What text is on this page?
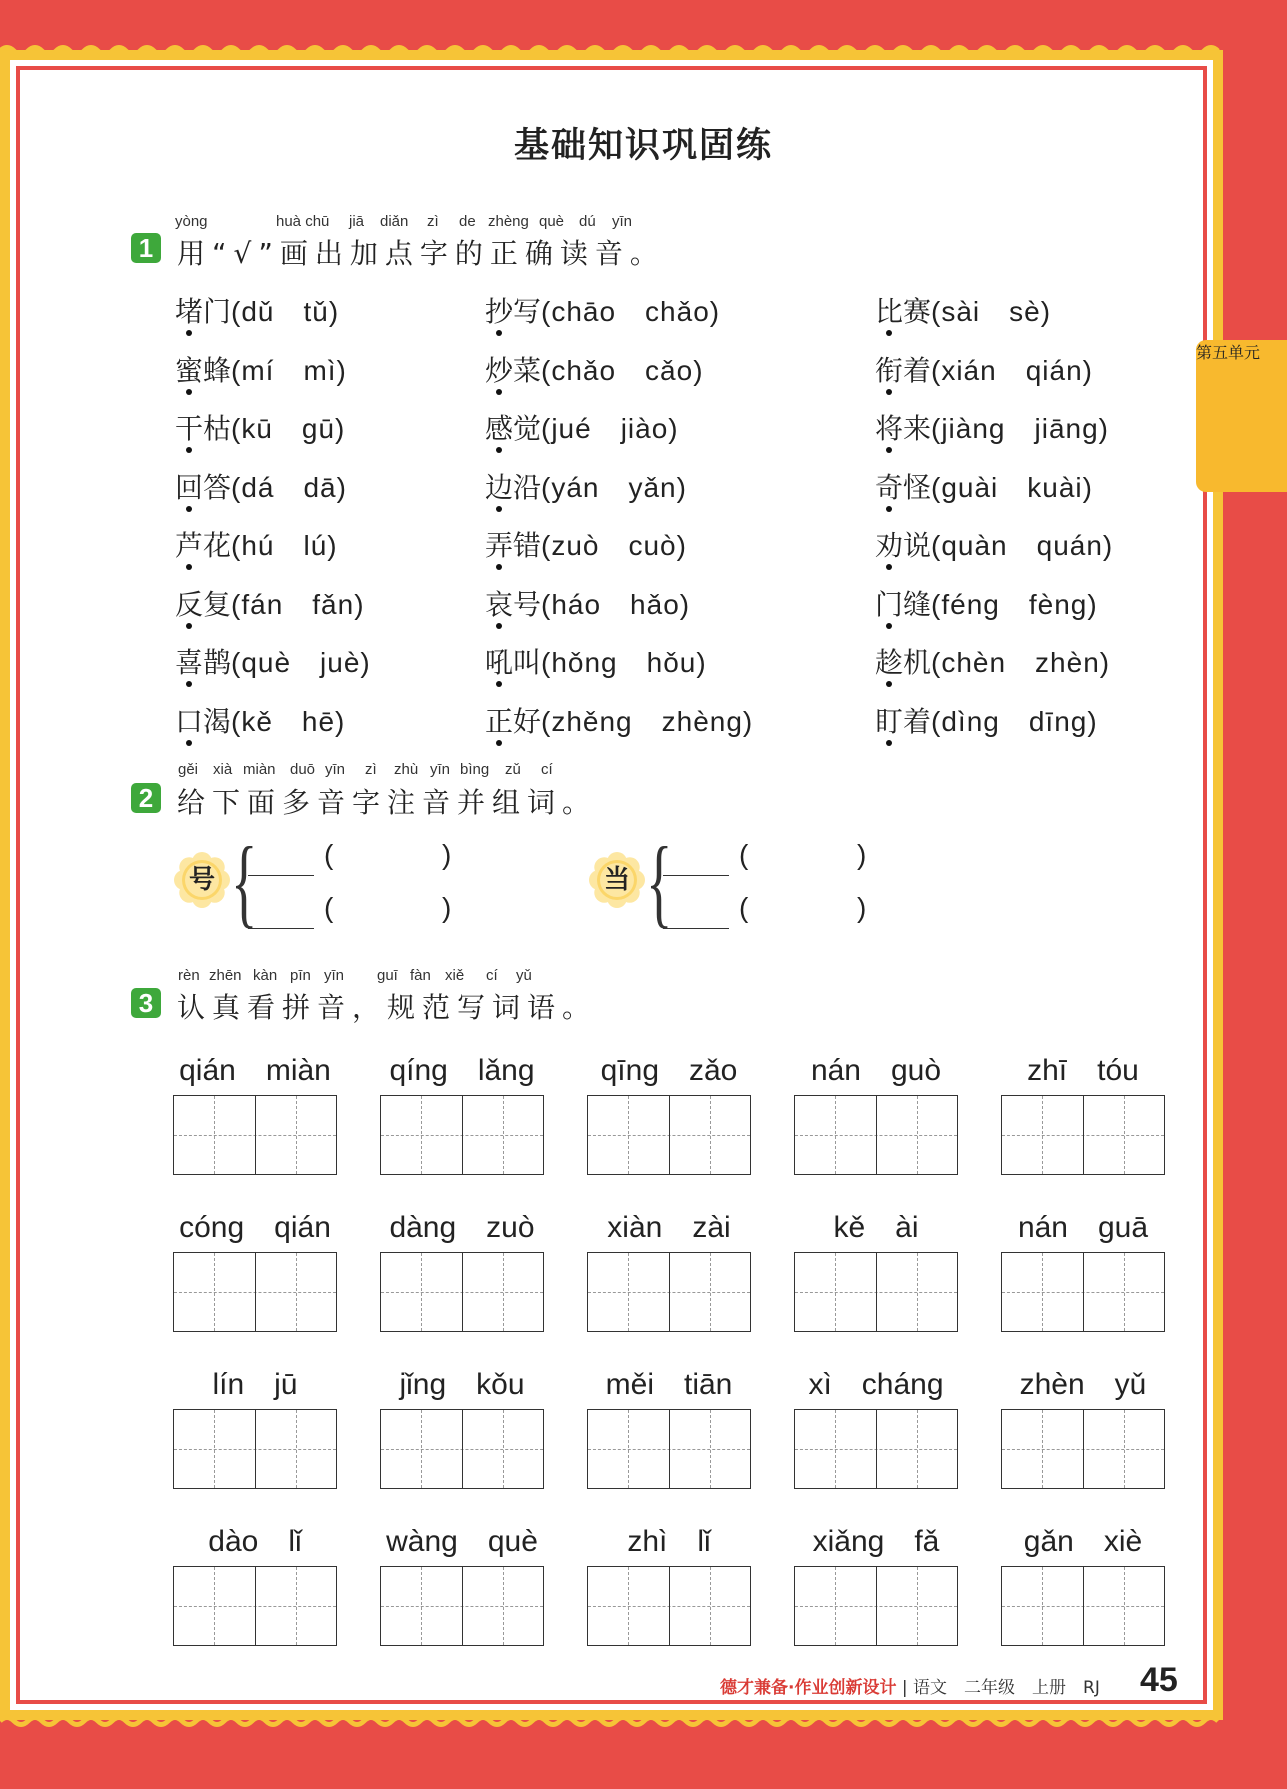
第五单元
基础知识巩固练
1
yòng	huà chū jiā diǎn zì de zhèng què dú yīn
用“√”画出加点字的正确读音。
堵门(dǔ　tǔ)	抄写(chāo　chǎo)	比赛(sài　sè)
蜜蜂(mí　mì)	炒菜(chǎo　cǎo)	衔着(xián　qián)
干枯(kū　gū)	感觉(jué　jiào)	将来(jiàng　jiāng)
回答(dá　dā)	边沿(yán　yǎn)	奇怪(guài　kuài)
芦花(hú　lú)	弄错(zuò　cuò)	劝说(quàn　quán)
反复(fán　fǎn)	哀号(háo　hǎo)	门缝(féng　fèng)
喜鹊(què　juè)	吼叫(hǒng　hǒu)	趁机(chèn　zhèn)
口渴(kě　hē)	正好(zhěng　zhèng)	盯着(dìng　dīng)
2
gěi xià miàn duō yīn zì zhù yīn bìng zǔ cí
给下面多音字注音并组词。
号 { (	)
(	)
当 { (	)
(	)
3
rèn zhēn kàn pīn yīn guī fàn xiě cí yǔ
认真看拼音，规范写词语。
qián　miàn	qíng　lǎng	qīng　zǎo	nán　guò	zhī　tóu
cóng　qián	dàng　zuò	xiàn　zài	kě　ài	nán　guā
lín　jū	jǐng　kǒu	měi　tiān	xì　cháng	zhèn　yǔ
dào　lǐ	wàng　què	zhì　lǐ	xiǎng　fǎ	gǎn　xiè
德才兼备·作业创新设计 | 语文　二年级　上册　RJ 45
